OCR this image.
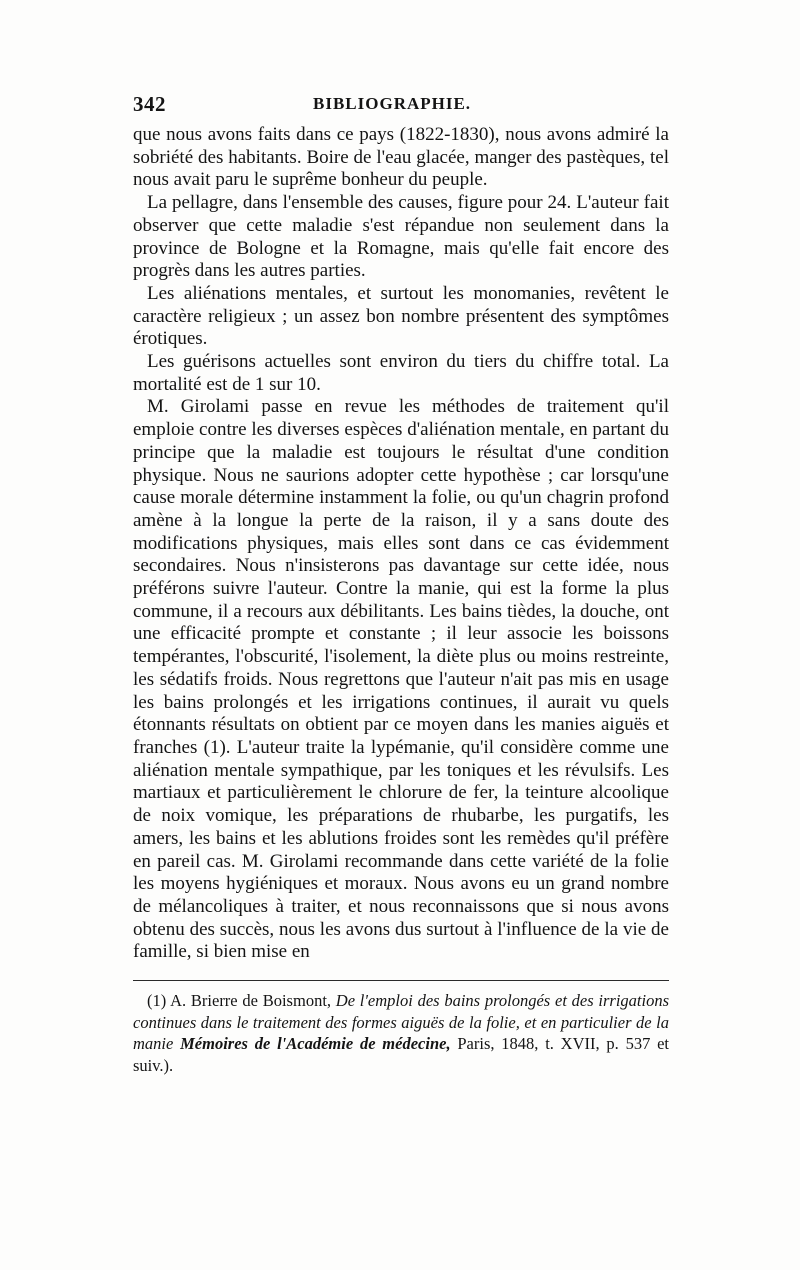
342	BIBLIOGRAPHIE.

que nous avons faits dans ce pays (1822-1830), nous avons admiré la sobriété des habitants. Boire de l'eau glacée, manger des pastèques, tel nous avait paru le suprême bonheur du peuple.

La pellagre, dans l'ensemble des causes, figure pour 24. L'auteur fait observer que cette maladie s'est répandue non seulement dans la province de Bologne et la Romagne, mais qu'elle fait encore des progrès dans les autres parties.

Les aliénations mentales, et surtout les monomanies, revêtent le caractère religieux ; un assez bon nombre présentent des symptômes érotiques.

Les guérisons actuelles sont environ du tiers du chiffre total. La mortalité est de 1 sur 10.

M. Girolami passe en revue les méthodes de traitement qu'il emploie contre les diverses espèces d'aliénation mentale, en partant du principe que la maladie est toujours le résultat d'une condition physique. Nous ne saurions adopter cette hypothèse ; car lorsqu'une cause morale détermine instamment la folie, ou qu'un chagrin profond amène à la longue la perte de la raison, il y a sans doute des modifications physiques, mais elles sont dans ce cas évidemment secondaires. Nous n'insisterons pas davantage sur cette idée, nous préférons suivre l'auteur. Contre la manie, qui est la forme la plus commune, il a recours aux débilitants. Les bains tièdes, la douche, ont une efficacité prompte et constante ; il leur associe les boissons tempérantes, l'obscurité, l'isolement, la diète plus ou moins restreinte, les sédatifs froids. Nous regrettons que l'auteur n'ait pas mis en usage les bains prolongés et les irrigations continues, il aurait vu quels étonnants résultats on obtient par ce moyen dans les manies aiguës et franches (1). L'auteur traite la lypémanie, qu'il considère comme une aliénation mentale sympathique, par les toniques et les révulsifs. Les martiaux et particulièrement le chlorure de fer, la teinture alcoolique de noix vomique, les préparations de rhubarbe, les purgatifs, les amers, les bains et les ablutions froides sont les remèdes qu'il préfère en pareil cas. M. Girolami recommande dans cette variété de la folie les moyens hygiéniques et moraux. Nous avons eu un grand nombre de mélancoliques à traiter, et nous reconnaissons que si nous avons obtenu des succès, nous les avons dus surtout à l'influence de la vie de famille, si bien mise en

(1) A. Brierre de Boismont, De l'emploi des bains prolongés et des irrigations continues dans le traitement des formes aiguës de la folie, et en particulier de la manie Mémoires de l'Académie de médecine, Paris, 1848, t. XVII, p. 537 et suiv.).
